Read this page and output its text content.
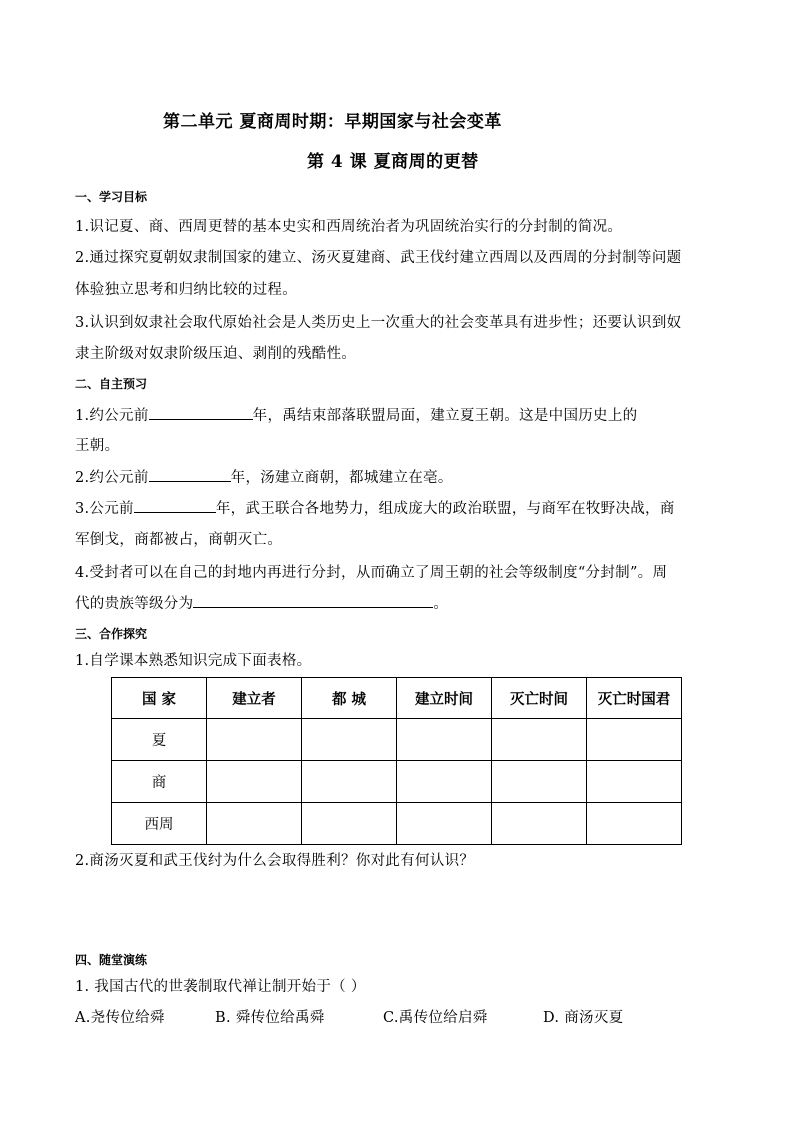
第二单元 夏商周时期：早期国家与社会变革
第 4 课 夏商周的更替
一、学习目标
1.识记夏、商、西周更替的基本史实和西周统治者为巩固统治实行的分封制的简况。
2.通过探究夏朝奴隶制国家的建立、汤灭夏建商、武王伐纣建立西周以及西周的分封制等问题
体验独立思考和归纳比较的过程。
3.认识到奴隶社会取代原始社会是人类历史上一次重大的社会变革具有进步性；还要认识到奴
隶主阶级对奴隶阶级压迫、剥削的残酷性。
二、自主预习
1.约公元前	年，禹结束部落联盟局面，建立夏王朝。这是中国历史上的
王朝。
2.约公元前	年，汤建立商朝，都城建立在亳。
3.公元前	年，武王联合各地势力，组成庞大的政治联盟，与商军在牧野决战，商
军倒戈，商都被占，商朝灭亡。
4.受封者可以在自己的封地内再进行分封，从而确立了周王朝的社会等级制度“分封制”。周
代的贵族等级分为	。
三、合作探究
1.自学课本熟悉知识完成下面表格。
国 家	建立者	都 城	建立时间	灭亡时间	灭亡时国君
夏					
商					
西周					
2.商汤灭夏和武王伐纣为什么会取得胜利？你对此有何认识？
四、随堂演练
1. 我国古代的世袭制取代禅让制开始于（ ）
A.尧传位给舜	B. 舜传位给禹舜	C.禹传位给启舜	D. 商汤灭夏
